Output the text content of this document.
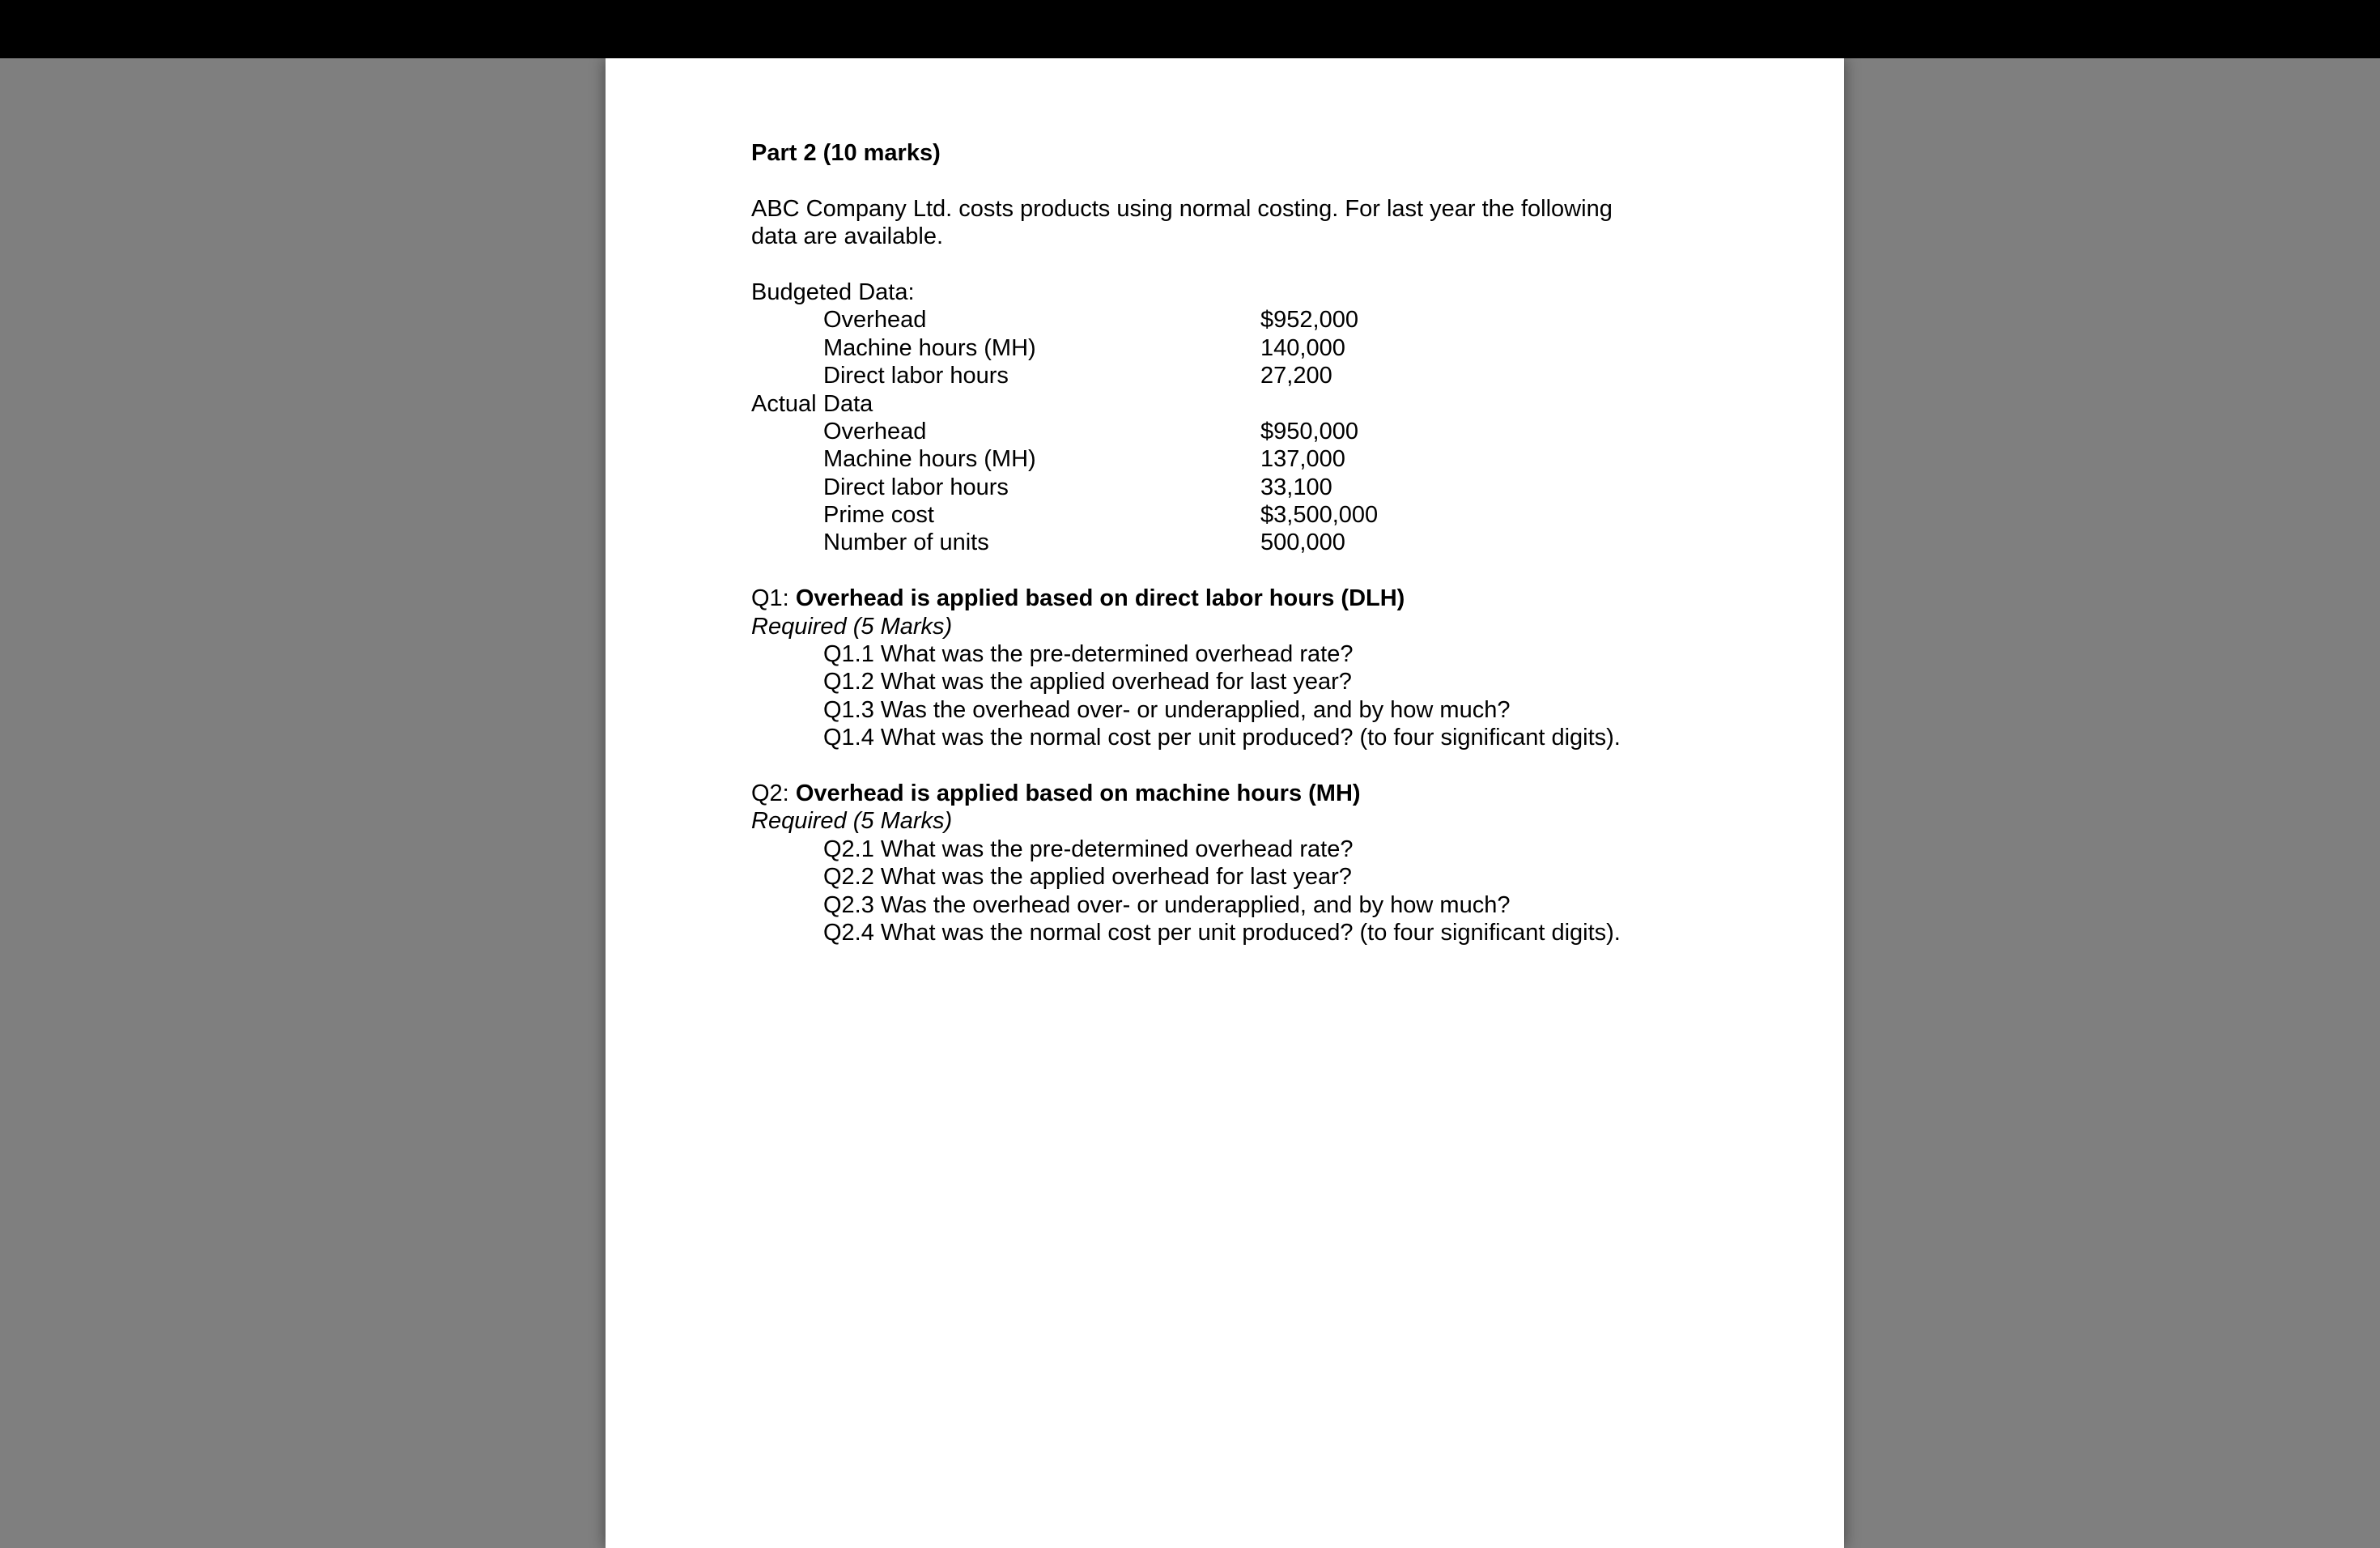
Part 2 (10 marks)
ABC Company Ltd. costs products using normal costing. For last year the following
data are available.
Budgeted Data:
Overhead	$952,000
Machine hours (MH)	140,000
Direct labor hours	27,200
Actual Data
Overhead	$950,000
Machine hours (MH)	137,000
Direct labor hours	33,100
Prime cost	$3,500,000
Number of units	500,000
Q1: Overhead is applied based on direct labor hours (DLH)
Required (5 Marks)
Q1.1 What was the pre-determined overhead rate?
Q1.2 What was the applied overhead for last year?
Q1.3 Was the overhead over- or underapplied, and by how much?
Q1.4 What was the normal cost per unit produced? (to four significant digits).
Q2: Overhead is applied based on machine hours (MH)
Required (5 Marks)
Q2.1 What was the pre-determined overhead rate?
Q2.2 What was the applied overhead for last year?
Q2.3 Was the overhead over- or underapplied, and by how much?
Q2.4 What was the normal cost per unit produced? (to four significant digits).
